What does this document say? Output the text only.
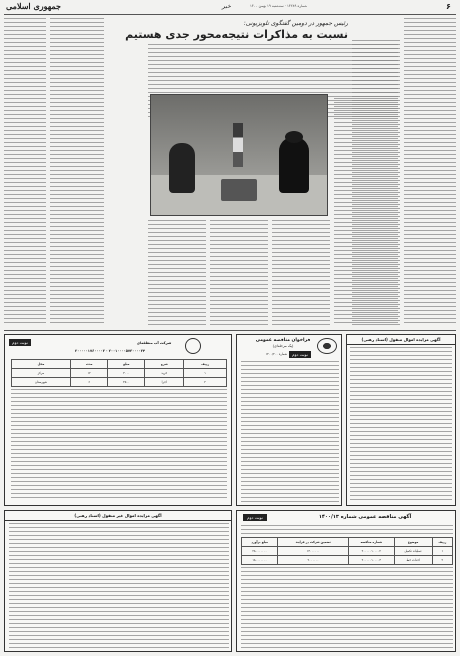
۶
شماره ۱۴۲۸۹ · سه‌شنبه ۱۹ بهمن ۱۴۰۰
خبر
جمهوری اسلامی
رئیس جمهور در دومین گفتگوی تلویزیونی:
نسبت به مذاکرات نتیجه‌محور جدی هستیم
آگهی مزایده اموال منقول (اسناد رهنی)
فراخوان مناقصه عمومی
(یک مرحله‌ای)
نوبت دوم
شماره ۱۴۰۰/۳۰۰
شرکت آب منطقه‌ای
نوبت دوم
۲۰۰۱۰۰۰۰۵۷۳۰۰۰۰۳۴ · ۲۰۰۰۰۰۱۷۶۰۰۰۰۳
ردیف	شرح	مبلغ	مدت	محل
۱	خرید	۳۰۰۰	۱۲	مرکز
۲	اجرا	۴۵۰۰	۶	شهرستان
آگهی مزایده اموال غیر منقول (اسناد رهنی)	آگهی مناقصه عمومی شماره ۱۴۰۰/۱۳
نوبت دوم
ردیف	موضوع	شماره مناقصه	تضمین شرکت در فرایند	مبلغ برآورد
۱	عملیات تکمیل	۲۰۰۰۰۰۱۰۰۰۰۲	۱۴۰۰۰۰۰۰	۲۸۰۰۰۰۰۰۰
۲	احداث خط	۲۰۰۰۰۰۱۰۰۰۰۳	۹۰۰۰۰۰۰	۱۸۰۰۰۰۰۰۰
